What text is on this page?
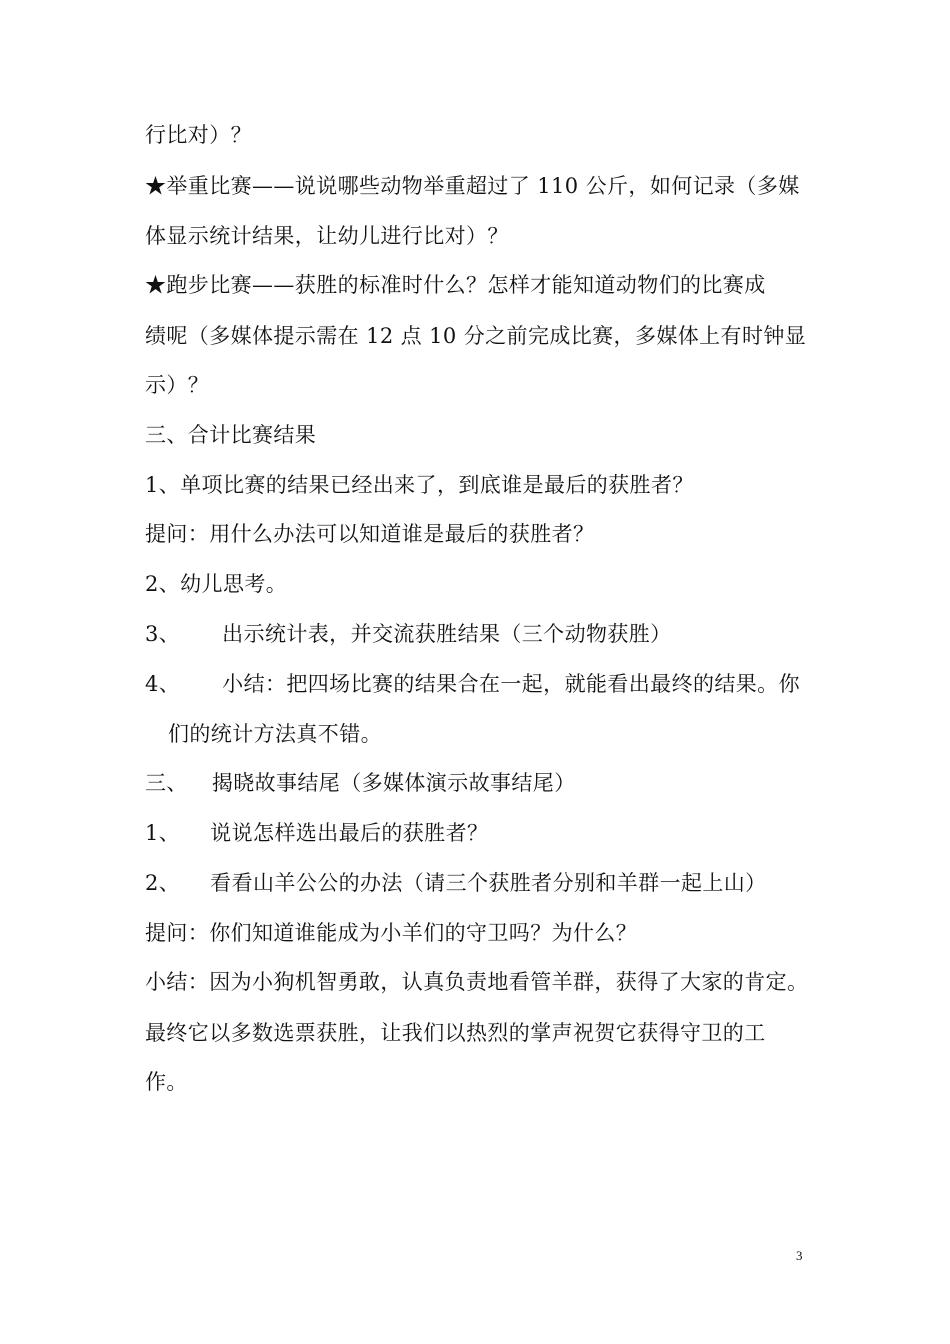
行比对）？
★举重比赛——说说哪些动物举重超过了 110 公斤，如何记录（多媒
体显示统计结果，让幼儿进行比对）？
★跑步比赛——获胜的标准时什么？怎样才能知道动物们的比赛成
绩呢（多媒体提示需在 12 点 10 分之前完成比赛，多媒体上有时钟显
示）？
三、合计比赛结果
1、单项比赛的结果已经出来了，到底谁是最后的获胜者？
提问：用什么办法可以知道谁是最后的获胜者？
2、幼儿思考。
3、 出示统计表，并交流获胜结果（三个动物获胜）
4、 小结：把四场比赛的结果合在一起，就能看出最终的结果。你
们的统计方法真不错。
三、 揭晓故事结尾（多媒体演示故事结尾）
1、 说说怎样选出最后的获胜者？
2、 看看山羊公公的办法（请三个获胜者分别和羊群一起上山）
提问：你们知道谁能成为小羊们的守卫吗？为什么？
小结：因为小狗机智勇敢，认真负责地看管羊群，获得了大家的肯定。
最终它以多数选票获胜，让我们以热烈的掌声祝贺它获得守卫的工
作。
3
